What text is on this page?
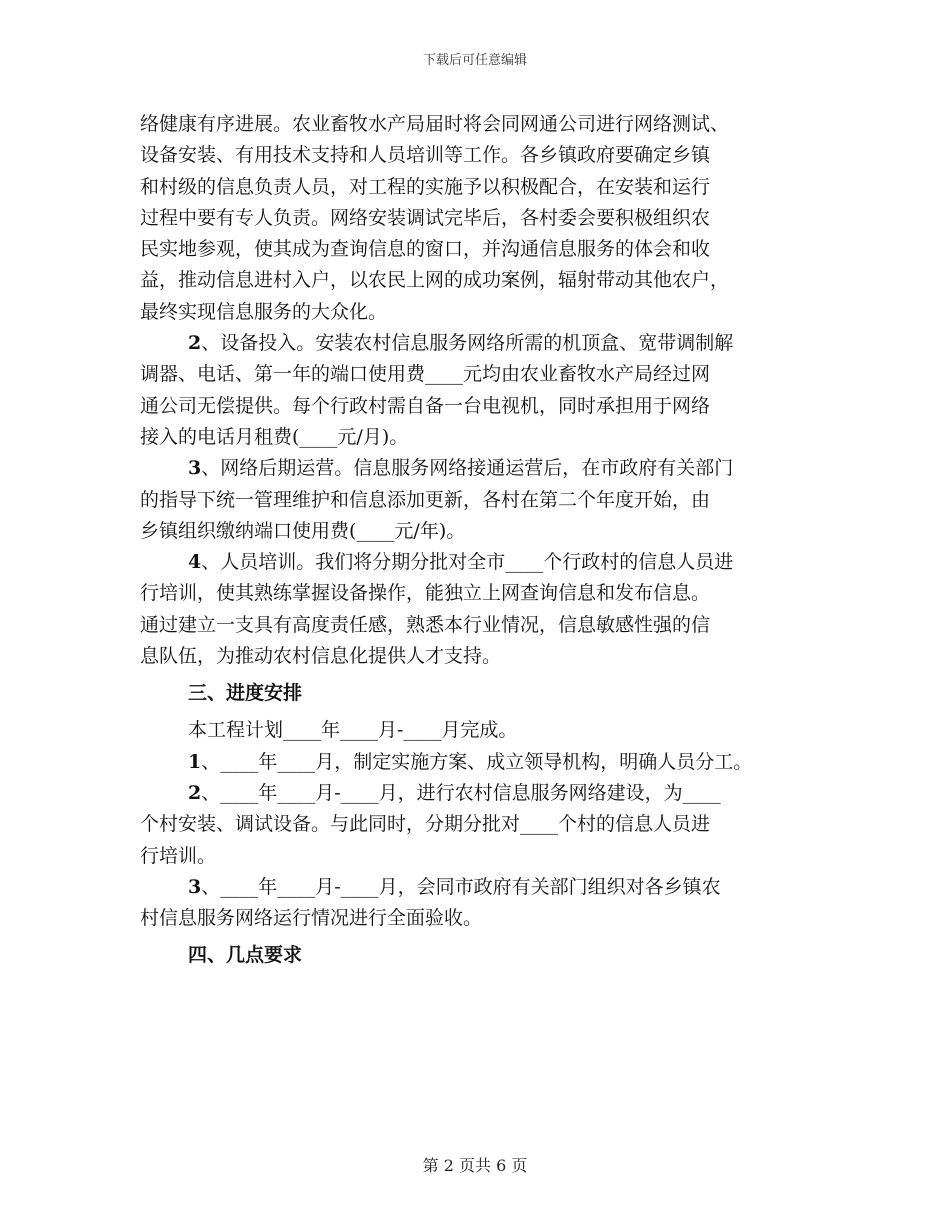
下载后可任意编辑
络健康有序进展。农业畜牧水产局届时将会同网通公司进行网络测试、
设备安装、有用技术支持和人员培训等工作。各乡镇政府要确定乡镇
和村级的信息负责人员，对工程的实施予以积极配合，在安装和运行
过程中要有专人负责。网络安装调试完毕后，各村委会要积极组织农
民实地参观，使其成为查询信息的窗口，并沟通信息服务的体会和收
益，推动信息进村入户，以农民上网的成功案例，辐射带动其他农户，
最终实现信息服务的大众化。
2、设备投入。安装农村信息服务网络所需的机顶盒、宽带调制解
调器、电话、第一年的端口使用费____元均由农业畜牧水产局经过网
通公司无偿提供。每个行政村需自备一台电视机，同时承担用于网络
接入的电话月租费(____元/月)。
3、网络后期运营。信息服务网络接通运营后，在市政府有关部门
的指导下统一管理维护和信息添加更新，各村在第二个年度开始，由
乡镇组织缴纳端口使用费(____元/年)。
4、人员培训。我们将分期分批对全市____个行政村的信息人员进
行培训，使其熟练掌握设备操作，能独立上网查询信息和发布信息。
通过建立一支具有高度责任感，熟悉本行业情况，信息敏感性强的信
息队伍，为推动农村信息化提供人才支持。
三、进度安排
本工程计划____年____月-____月完成。
1、____年____月，制定实施方案、成立领导机构，明确人员分工。
2、____年____月-____月，进行农村信息服务网络建设，为____
个村安装、调试设备。与此同时，分期分批对____个村的信息人员进
行培训。
3、____年____月-____月，会同市政府有关部门组织对各乡镇农
村信息服务网络运行情况进行全面验收。
四、几点要求
第 2 页共 6 页
